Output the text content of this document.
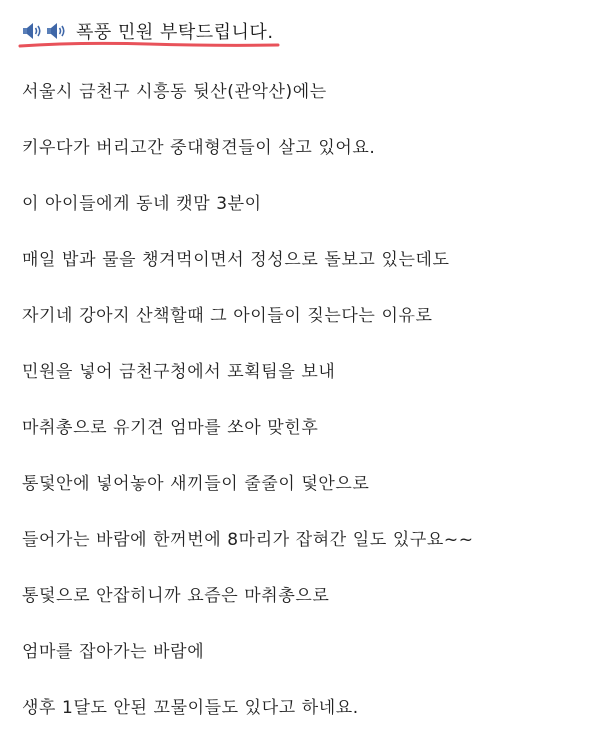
폭풍 민원 부탁드립니다.
서울시 금천구 시흥동 뒷산(관악산)에는
키우다가 버리고간 중대형견들이 살고 있어요.
이 아이들에게 동네 캣맘 3분이
매일 밥과 물을 챙겨먹이면서 정성으로 돌보고 있는데도
자기네 강아지 산책할때 그 아이들이 짖는다는 이유로
민원을 넣어 금천구청에서 포획팀을 보내
마취총으로 유기견 엄마를 쏘아 맞힌후
통덫안에 넣어놓아 새끼들이 줄줄이 덫안으로
들어가는 바람에 한꺼번에 8마리가 잡혀간 일도 있구요~~
통덫으로 안잡히니까 요즘은 마취총으로
엄마를 잡아가는 바람에
생후 1달도 안된 꼬물이들도 있다고 하네요.
